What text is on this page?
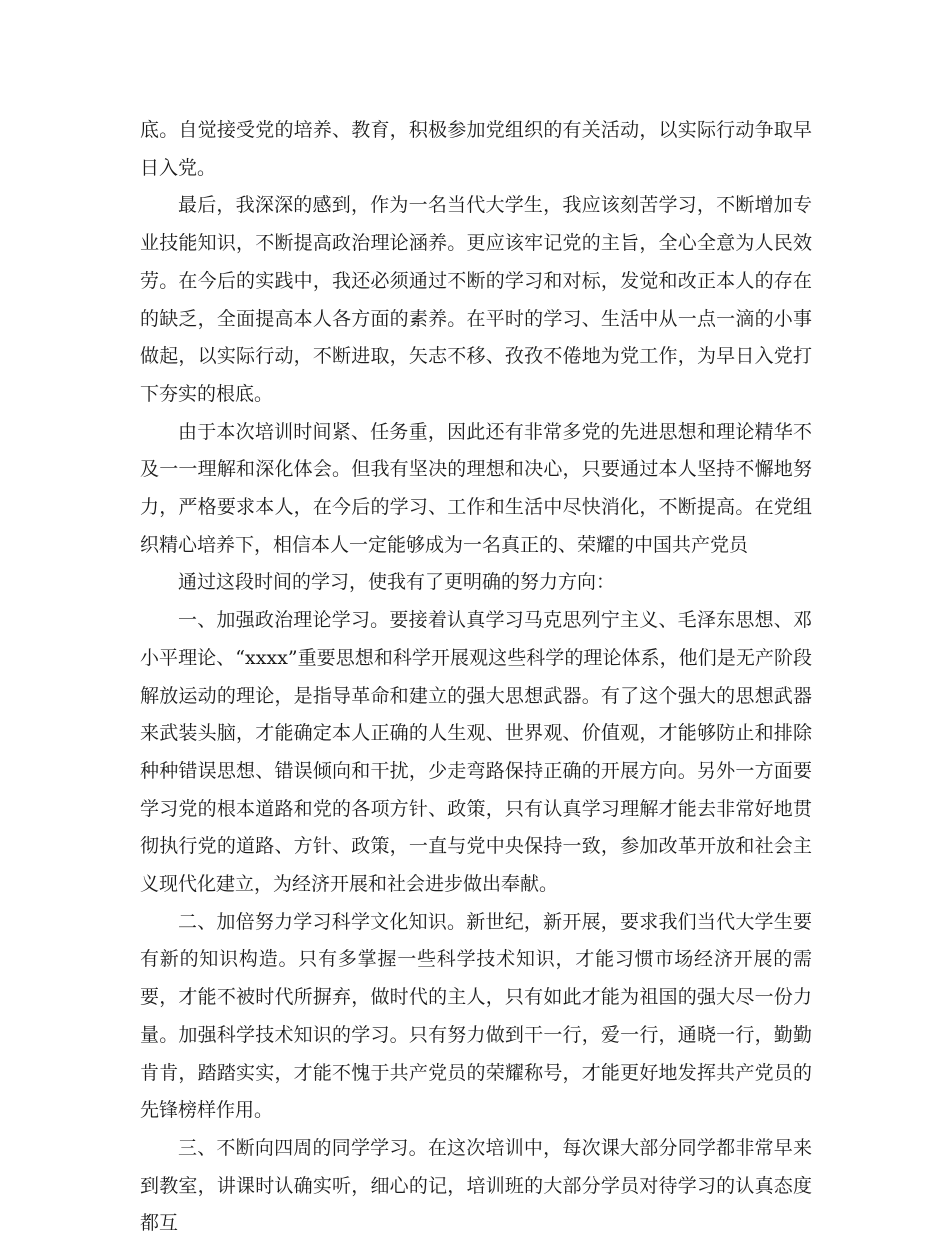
底。自觉接受党的培养、教育，积极参加党组织的有关活动，以实际行动争取早日入党。

最后，我深深的感到，作为一名当代大学生，我应该刻苦学习，不断增加专业技能知识，不断提高政治理论涵养。更应该牢记党的主旨，全心全意为人民效劳。在今后的实践中，我还必须通过不断的学习和对标，发觉和改正本人的存在的缺乏，全面提高本人各方面的素养。在平时的学习、生活中从一点一滴的小事做起，以实际行动，不断进取，矢志不移、孜孜不倦地为党工作，为早日入党打下夯实的根底。

由于本次培训时间紧、任务重，因此还有非常多党的先进思想和理论精华不及一一理解和深化体会。但我有坚决的理想和决心，只要通过本人坚持不懈地努力，严格要求本人，在今后的学习、工作和生活中尽快消化，不断提高。在党组织精心培养下，相信本人一定能够成为一名真正的、荣耀的中国共产党员

通过这段时间的学习，使我有了更明确的努力方向：

一、加强政治理论学习。要接着认真学习马克思列宁主义、毛泽东思想、邓小平理论、“xxxx”重要思想和科学开展观这些科学的理论体系，他们是无产阶段解放运动的理论，是指导革命和建立的强大思想武器。有了这个强大的思想武器来武装头脑，才能确定本人正确的人生观、世界观、价值观，才能够防止和排除种种错误思想、错误倾向和干扰，少走弯路保持正确的开展方向。另外一方面要学习党的根本道路和党的各项方针、政策，只有认真学习理解才能去非常好地贯彻执行党的道路、方针、政策，一直与党中央保持一致，参加改革开放和社会主义现代化建立，为经济开展和社会进步做出奉献。

二、加倍努力学习科学文化知识。新世纪，新开展，要求我们当代大学生要有新的知识构造。只有多掌握一些科学技术知识，才能习惯市场经济开展的需要，才能不被时代所摒弃，做时代的主人，只有如此才能为祖国的强大尽一份力量。加强科学技术知识的学习。只有努力做到干一行，爱一行，通晓一行，勤勤肯肯，踏踏实实，才能不愧于共产党员的荣耀称号，才能更好地发挥共产党员的先锋榜样作用。

三、不断向四周的同学学习。在这次培训中，每次课大部分同学都非常早来到教室，讲课时认确实听，细心的记，培训班的大部分学员对待学习的认真态度都互
